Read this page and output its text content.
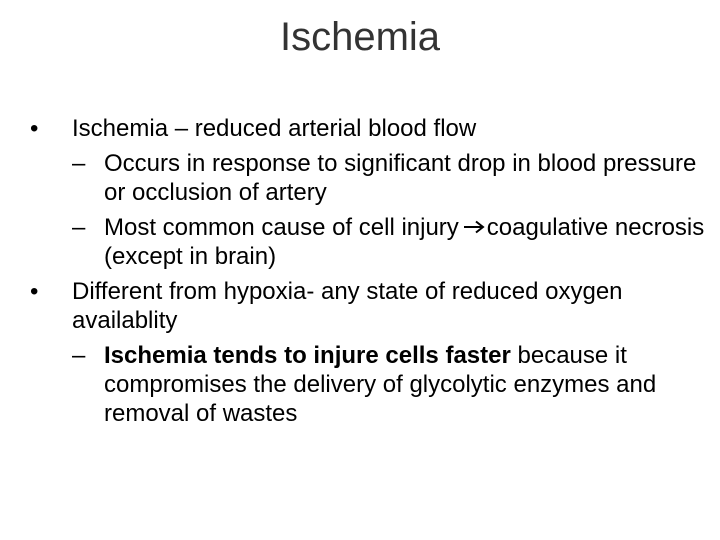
Ischemia
•	Ischemia – reduced arterial blood flow
– Occurs in response to significant drop in blood pressure or occlusion of artery
– Most common cause of cell injury coagulative necrosis (except in brain)
•	Different from hypoxia- any state of reduced oxygen availablity
– Ischemia tends to injure cells faster because it compromises the delivery of glycolytic enzymes and removal of wastes
